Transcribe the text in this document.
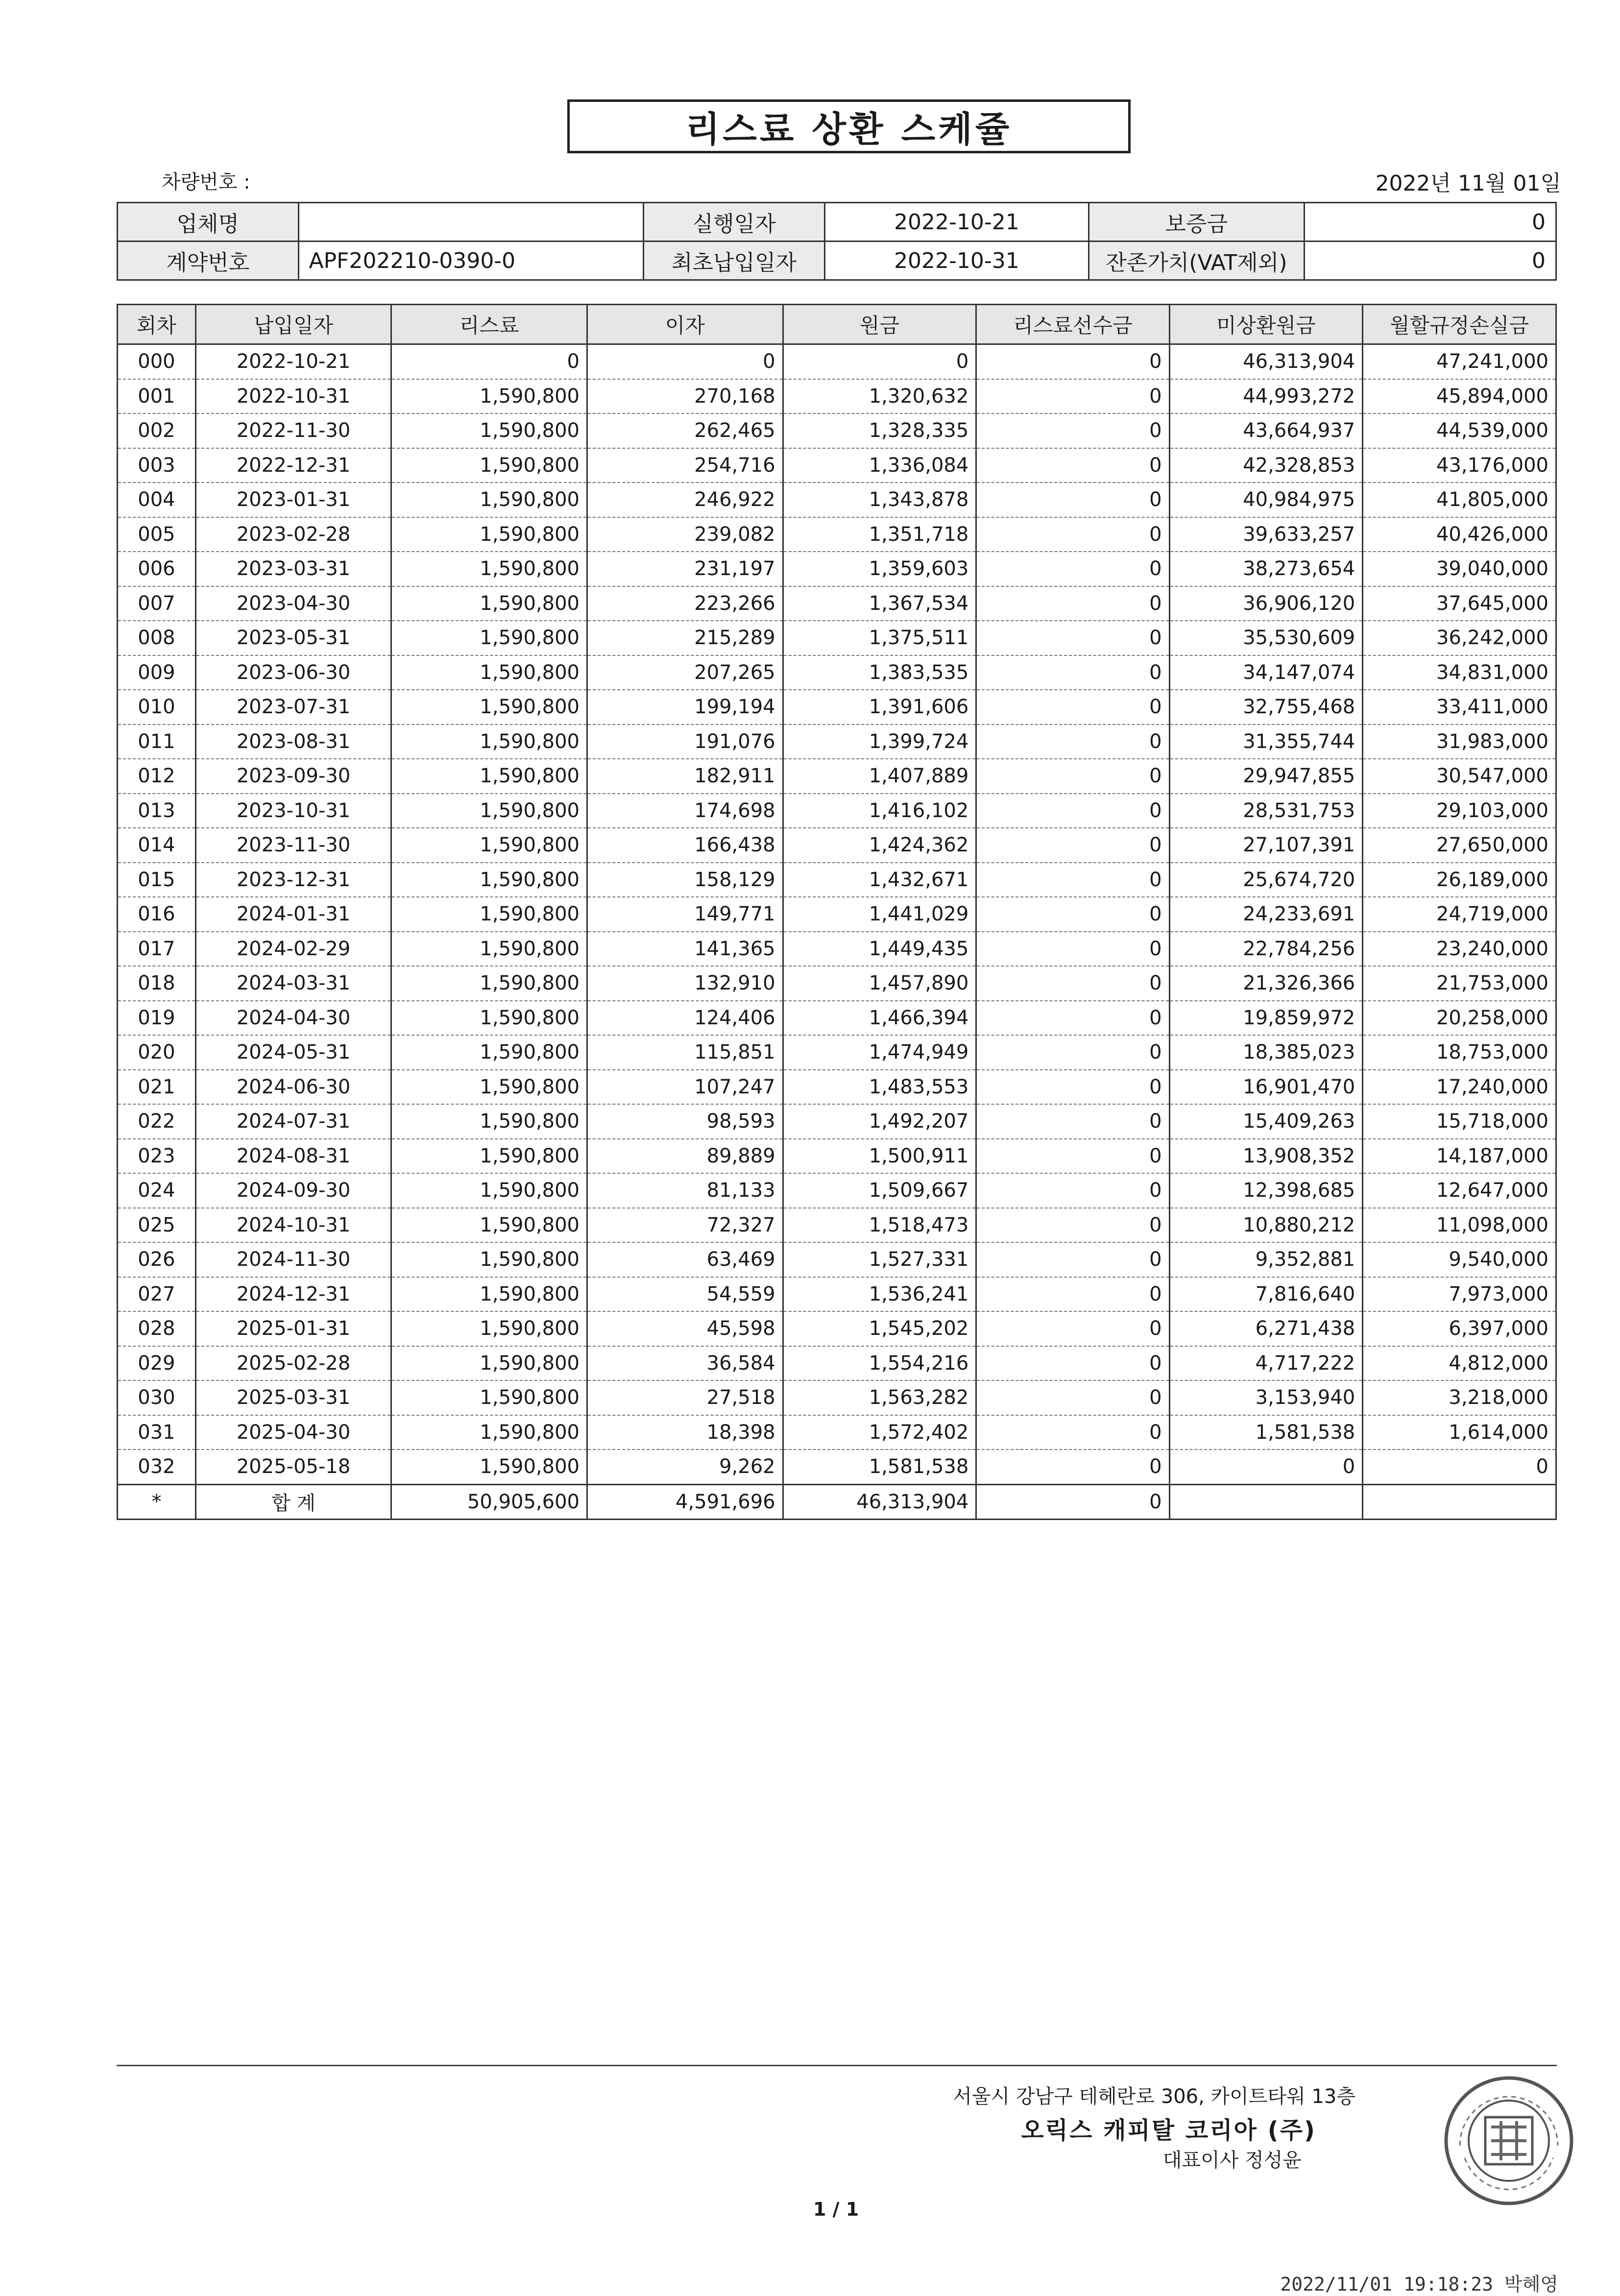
리스료 상환 스케쥴
차량번호 :	2022년 11월 01일
업체명		실행일자	2022-10-21	보증금	0
계약번호	APF202210-0390-0	최초납입일자	2022-10-31	잔존가치(VAT제외)	0
회차	납입일자	리스료	이자	원금	리스료선수금	미상환원금	월할규정손실금
000	2022-10-21	0	0	0	0	46,313,904	47,241,000
001	2022-10-31	1,590,800	270,168	1,320,632	0	44,993,272	45,894,000
002	2022-11-30	1,590,800	262,465	1,328,335	0	43,664,937	44,539,000
003	2022-12-31	1,590,800	254,716	1,336,084	0	42,328,853	43,176,000
004	2023-01-31	1,590,800	246,922	1,343,878	0	40,984,975	41,805,000
005	2023-02-28	1,590,800	239,082	1,351,718	0	39,633,257	40,426,000
006	2023-03-31	1,590,800	231,197	1,359,603	0	38,273,654	39,040,000
007	2023-04-30	1,590,800	223,266	1,367,534	0	36,906,120	37,645,000
008	2023-05-31	1,590,800	215,289	1,375,511	0	35,530,609	36,242,000
009	2023-06-30	1,590,800	207,265	1,383,535	0	34,147,074	34,831,000
010	2023-07-31	1,590,800	199,194	1,391,606	0	32,755,468	33,411,000
011	2023-08-31	1,590,800	191,076	1,399,724	0	31,355,744	31,983,000
012	2023-09-30	1,590,800	182,911	1,407,889	0	29,947,855	30,547,000
013	2023-10-31	1,590,800	174,698	1,416,102	0	28,531,753	29,103,000
014	2023-11-30	1,590,800	166,438	1,424,362	0	27,107,391	27,650,000
015	2023-12-31	1,590,800	158,129	1,432,671	0	25,674,720	26,189,000
016	2024-01-31	1,590,800	149,771	1,441,029	0	24,233,691	24,719,000
017	2024-02-29	1,590,800	141,365	1,449,435	0	22,784,256	23,240,000
018	2024-03-31	1,590,800	132,910	1,457,890	0	21,326,366	21,753,000
019	2024-04-30	1,590,800	124,406	1,466,394	0	19,859,972	20,258,000
020	2024-05-31	1,590,800	115,851	1,474,949	0	18,385,023	18,753,000
021	2024-06-30	1,590,800	107,247	1,483,553	0	16,901,470	17,240,000
022	2024-07-31	1,590,800	98,593	1,492,207	0	15,409,263	15,718,000
023	2024-08-31	1,590,800	89,889	1,500,911	0	13,908,352	14,187,000
024	2024-09-30	1,590,800	81,133	1,509,667	0	12,398,685	12,647,000
025	2024-10-31	1,590,800	72,327	1,518,473	0	10,880,212	11,098,000
026	2024-11-30	1,590,800	63,469	1,527,331	0	9,352,881	9,540,000
027	2024-12-31	1,590,800	54,559	1,536,241	0	7,816,640	7,973,000
028	2025-01-31	1,590,800	45,598	1,545,202	0	6,271,438	6,397,000
029	2025-02-28	1,590,800	36,584	1,554,216	0	4,717,222	4,812,000
030	2025-03-31	1,590,800	27,518	1,563,282	0	3,153,940	3,218,000
031	2025-04-30	1,590,800	18,398	1,572,402	0	1,581,538	1,614,000
032	2025-05-18	1,590,800	9,262	1,581,538	0	0	0
*	합 계	50,905,600	4,591,696	46,313,904	0		
서울시 강남구 테헤란로 306, 카이트타워 13층
오릭스 캐피탈 코리아 (주)
대표이사 정성윤
1 / 1
2022/11/01 19:18:23 박혜영
